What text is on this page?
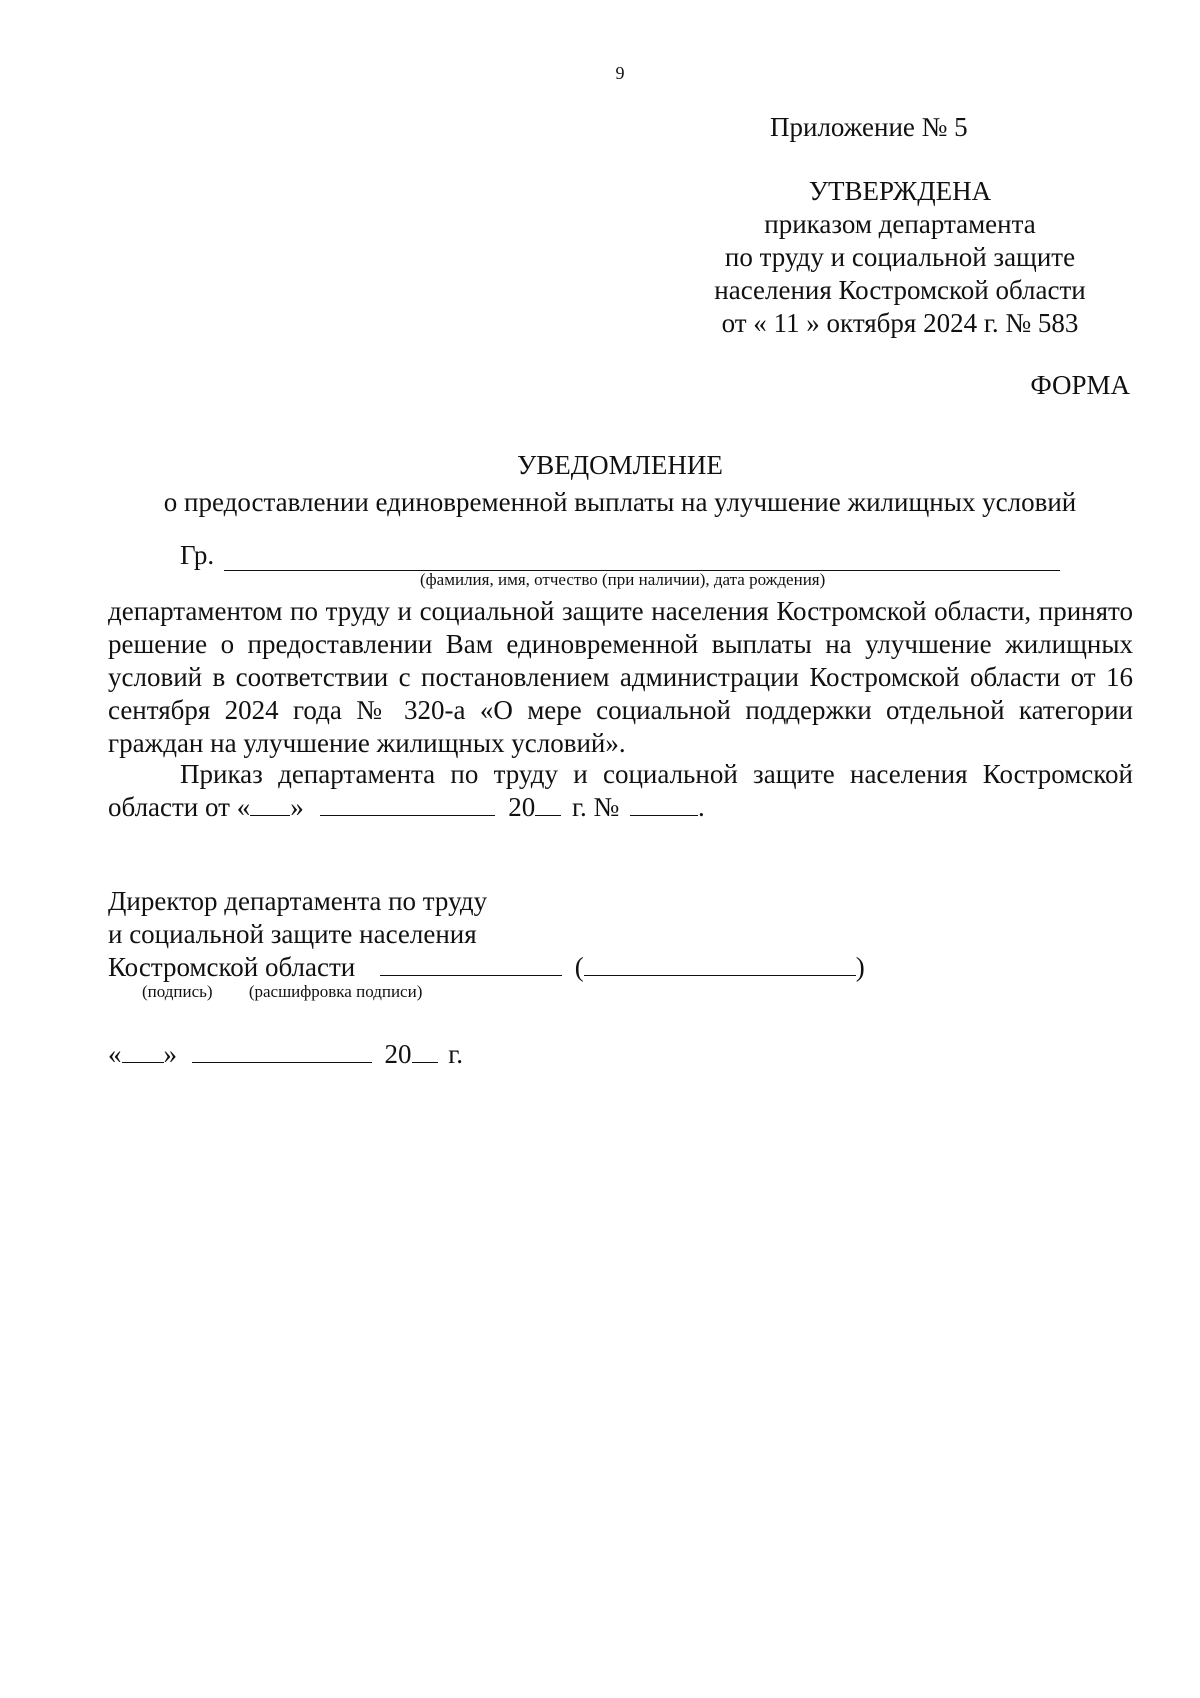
9
Приложение № 5
УТВЕРЖДЕНА
приказом департамента
по труду и социальной защите
населения Костромской области
от « 11 » октября 2024 г. № 583
ФОРМА
УВЕДОМЛЕНИЕ
о предоставлении единовременной выплаты на улучшение жилищных условий
Гр.
(фамилия, имя, отчество (при наличии), дата рождения)

департаментом по труду и социальной защите населения Костромской области, принято решение о предоставлении Вам единовременной выплаты на улучшение жилищных условий в соответствии с постановлением администрации Костромской области от 16 сентября 2024 года № 320-а «О мере социальной поддержки отдельной категории граждан на улучшение жилищных условий».

Приказ департамента по труду и социальной защите населения Костромской
области от « »	20 г. №	.
Директор департамента по труду
и социальной защите населения
Костромской области	(	)
(подпись) (расшифровка подписи)
« »	20 г.
